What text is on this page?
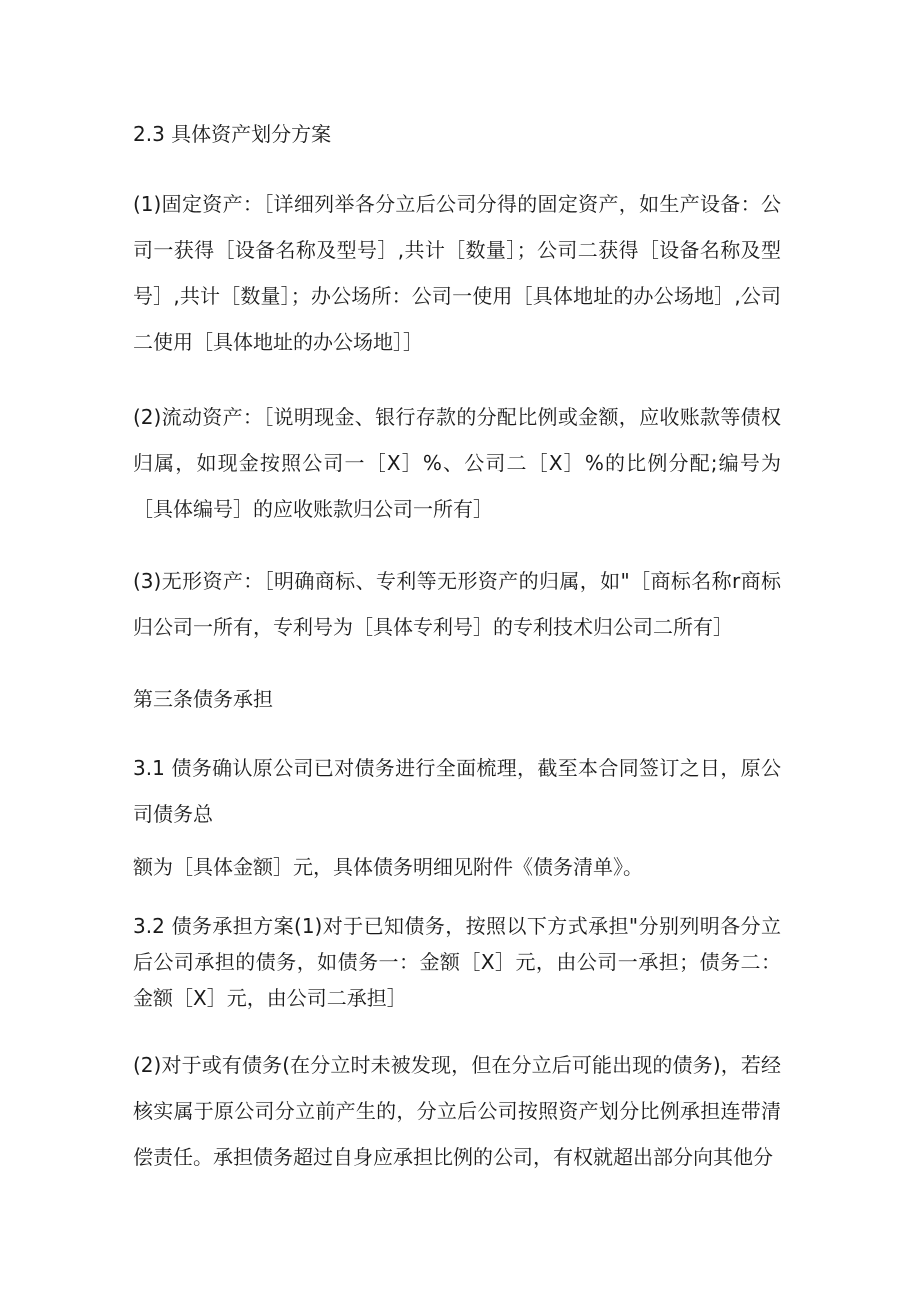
2.3 具体资产划分方案

(1)固定资产：［详细列举各分立后公司分得的固定资产，如生产设备：公司一获得［设备名称及型号］,共计［数量］；公司二获得［设备名称及型号］,共计［数量］；办公场所：公司一使用［具体地址的办公场地］,公司二使用［具体地址的办公场地］］

(2)流动资产：［说明现金、银行存款的分配比例或金额，应收账款等债权归属，如现金按照公司一［X］%、公司二［X］%的比例分配;编号为［具体编号］的应收账款归公司一所有］

(3)无形资产：［明确商标、专利等无形资产的归属，如"［商标名称r商标归公司一所有，专利号为［具体专利号］的专利技术归公司二所有］

第三条债务承担

3.1 债务确认原公司已对债务进行全面梳理，截至本合同签订之日，原公司债务总

额为［具体金额］元，具体债务明细见附件《债务清单》。

3.2 债务承担方案(1)对于已知债务，按照以下方式承担"分别列明各分立后公司承担的债务，如债务一：金额［X］元，由公司一承担；债务二：金额［X］元，由公司二承担］

(2)对于或有债务(在分立时未被发现，但在分立后可能出现的债务)，若经核实属于原公司分立前产生的，分立后公司按照资产划分比例承担连带清偿责任。承担债务超过自身应承担比例的公司，有权就超出部分向其他分
